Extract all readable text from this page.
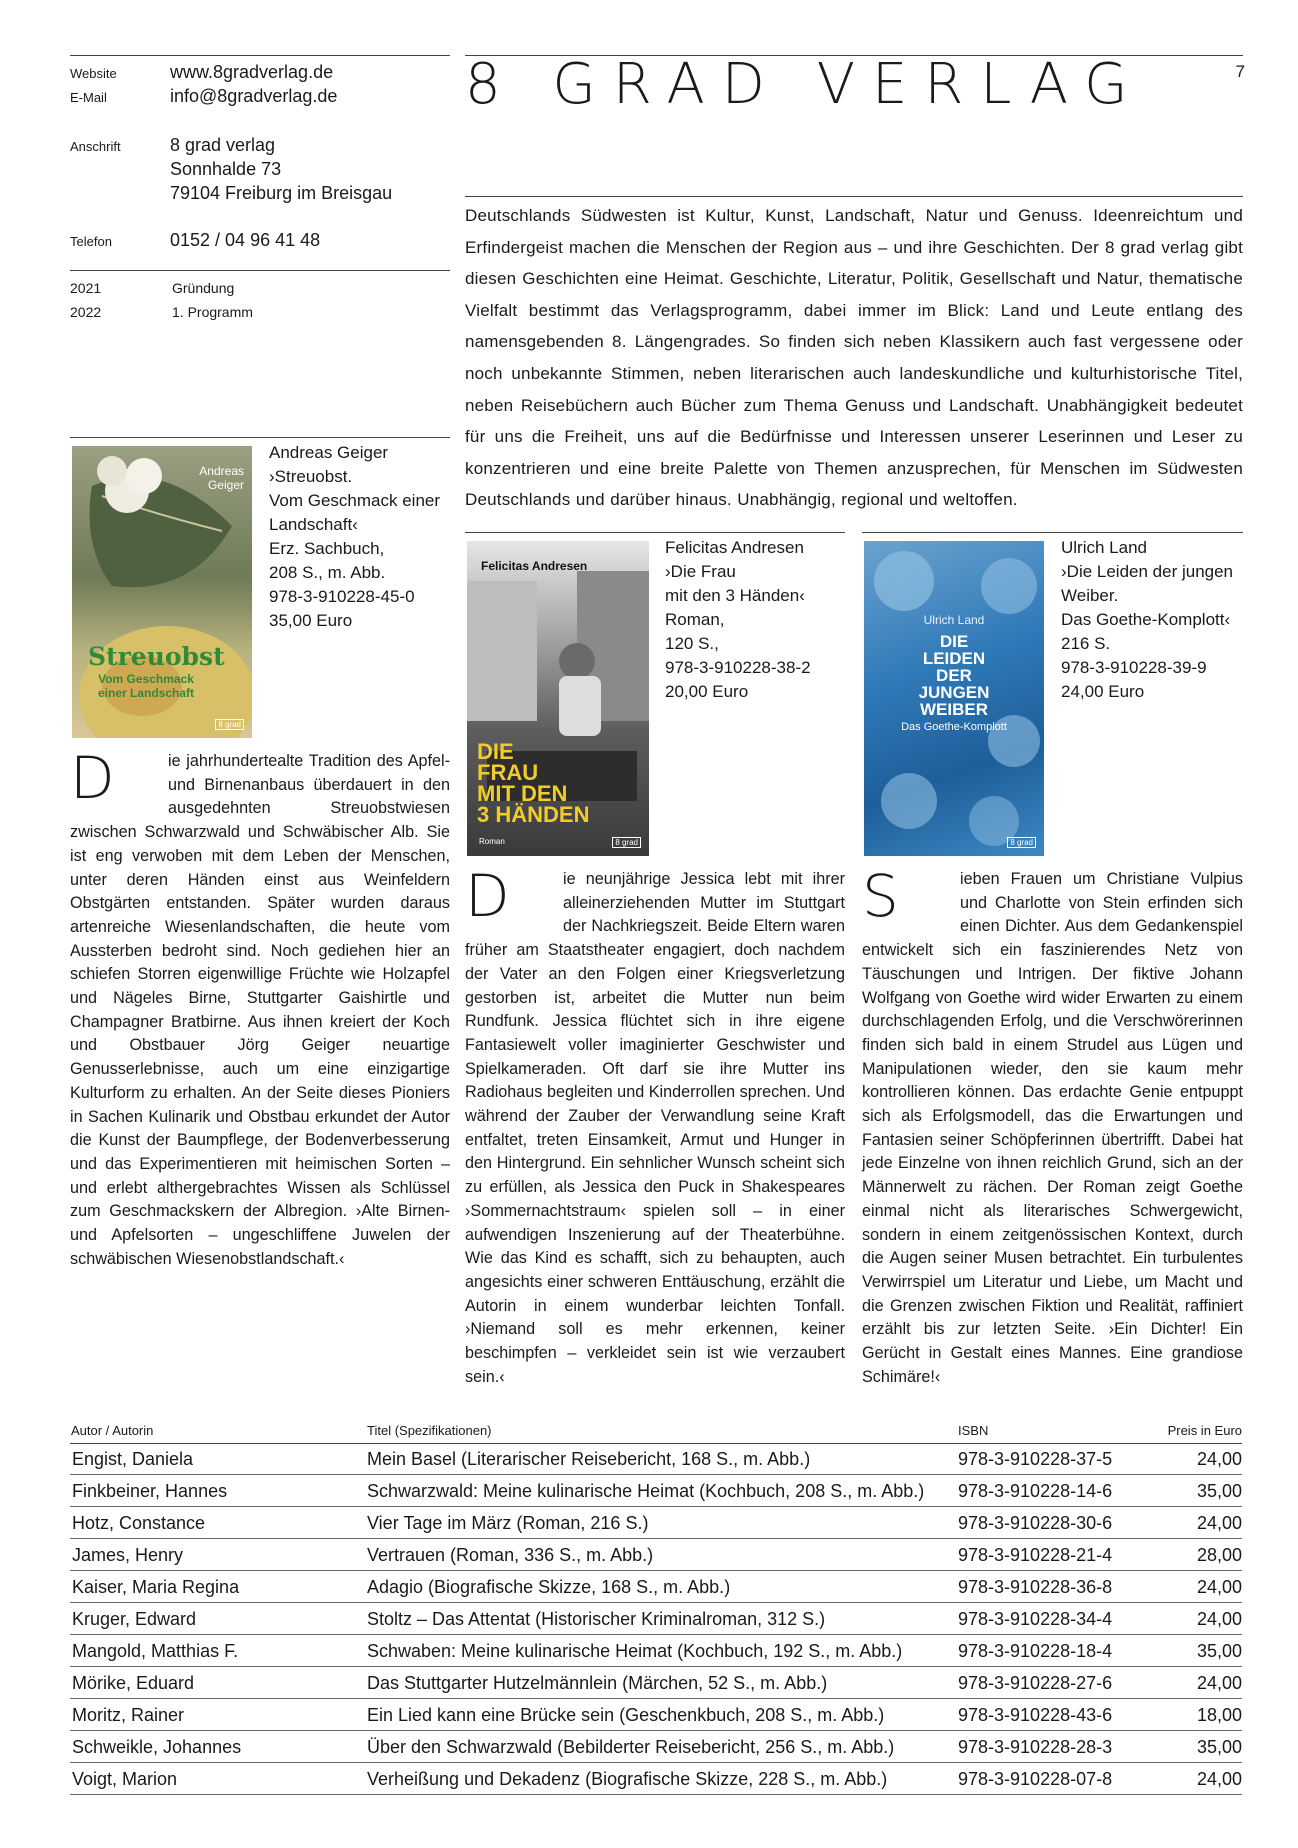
Website	www.8gradverlag.de
E-Mail	info@8gradverlag.de
Anschrift	8 grad verlag
Sonnhalde 73
79104 Freiburg im Breisgau
Telefon	0152 / 04 96 41 48
2021	Gründung
2022	1. Programm
8 GRAD VERLAG	7
Deutschlands Südwesten ist Kultur, Kunst, Landschaft, Natur und Genuss. Ideenreichtum und Erfindergeist machen die Menschen der Region aus – und ihre Geschichten. Der 8 grad verlag gibt diesen Geschichten eine Heimat. Geschichte, Literatur, Politik, Gesellschaft und Natur, thematische Vielfalt bestimmt das Verlagsprogramm, dabei immer im Blick: Land und Leute entlang des namensgebenden 8. Längengrades. So finden sich neben Klassikern auch fast vergessene oder noch unbekannte Stimmen, neben literarischen auch landeskundliche und kulturhistorische Titel, neben Reisebüchern auch Bücher zum Thema Genuss und Landschaft. Unabhängigkeit bedeutet für uns die Freiheit, uns auf die Bedürfnisse und Interessen unserer Leserinnen und Leser zu konzentrieren und eine breite Palette von Themen anzusprechen, für Menschen im Südwesten Deutschlands und darüber hinaus. Unabhängig, regional und weltoffen.
Andreas
Geiger
Streuobst
Vom Geschmack
einer Landschaft
8 grad
Andreas Geiger
›Streuobst.
Vom Geschmack einer
Landschaft‹
Erz. Sachbuch,
208 S., m. Abb.
978-3-910228-45-0
35,00 Euro
D	ie jahrhundertealte Tradition des Apfel- und Birnenanbaus überdauert in den ausgedehnten Streuobstwiesen zwischen Schwarzwald und Schwäbischer Alb. Sie ist eng verwoben mit dem Leben der Menschen, unter deren Händen einst aus Weinfeldern Obstgärten entstanden. Später wurden daraus artenreiche Wiesenlandschaften, die heute vom Aussterben bedroht sind. Noch gediehen hier an schiefen Storren eigenwillige Früchte wie Holzapfel und Nägeles Birne, Stuttgarter Gaishirtle und Champagner Bratbirne. Aus ihnen kreiert der Koch und Obstbauer Jörg Geiger neuartige Genusserlebnisse, auch um eine einzigartige Kulturform zu erhalten. An der Seite dieses Pioniers in Sachen Kulinarik und Obstbau erkundet der Autor die Kunst der Baumpflege, der Bodenverbesserung und das Experimentieren mit heimischen Sorten – und erlebt althergebrachtes Wissen als Schlüssel zum Geschmackskern der Albregion. ›Alte Birnen- und Apfelsorten – ungeschliffene Juwelen der schwäbischen Wiesenobstlandschaft.‹
Felicitas Andresen
DIE
FRAU
MIT DEN
3 HÄNDEN
Roman	8 grad
Felicitas Andresen
›Die Frau
mit den 3 Händen‹
Roman,
120 S.,
978-3-910228-38-2
20,00 Euro
D	ie neunjährige Jessica lebt mit ihrer alleinerziehenden Mutter im Stuttgart der Nachkriegszeit. Beide Eltern waren früher am Staatstheater engagiert, doch nachdem der Vater an den Folgen einer Kriegsverletzung gestorben ist, arbeitet die Mutter nun beim Rundfunk. Jessica flüchtet sich in ihre eigene Fantasiewelt voller imaginierter Geschwister und Spielkameraden. Oft darf sie ihre Mutter ins Radiohaus begleiten und Kinderrollen sprechen. Und während der Zauber der Verwandlung seine Kraft entfaltet, treten Einsamkeit, Armut und Hunger in den Hintergrund. Ein sehnlicher Wunsch scheint sich zu erfüllen, als Jessica den Puck in Shakespeares ›Sommernachtstraum‹ spielen soll – in einer aufwendigen Inszenierung auf der Theaterbühne. Wie das Kind es schafft, sich zu behaupten, auch angesichts einer schweren Enttäuschung, erzählt die Autorin in einem wunderbar leichten Tonfall. ›Niemand soll es mehr erkennen, keiner beschimpfen – verkleidet sein ist wie verzaubert sein.‹
Ulrich Land
DIE
LEIDEN
DER
JUNGEN
WEIBER
Das Goethe-Komplott
8 grad
Ulrich Land
›Die Leiden der jungen
Weiber.
Das Goethe-Komplott‹
216 S.
978-3-910228-39-9
24,00 Euro
S	ieben Frauen um Christiane Vulpius und Charlotte von Stein erfinden sich einen Dichter. Aus dem Gedankenspiel entwickelt sich ein faszinierendes Netz von Täuschungen und Intrigen. Der fiktive Johann Wolfgang von Goethe wird wider Erwarten zu einem durchschlagenden Erfolg, und die Verschwörerinnen finden sich bald in einem Strudel aus Lügen und Manipulationen wieder, den sie kaum mehr kontrollieren können. Das erdachte Genie entpuppt sich als Erfolgsmodell, das die Erwartungen und Fantasien seiner Schöpferinnen übertrifft. Dabei hat jede Einzelne von ihnen reichlich Grund, sich an der Männerwelt zu rächen. Der Roman zeigt Goethe einmal nicht als literarisches Schwergewicht, sondern in einem zeitgenössischen Kontext, durch die Augen seiner Musen betrachtet. Ein turbulentes Verwirrspiel um Literatur und Liebe, um Macht und die Grenzen zwischen Fiktion und Realität, raffiniert erzählt bis zur letzten Seite. ›Ein Dichter! Ein Gerücht in Gestalt eines Mannes. Eine grandiose Schimäre!‹
Autor / Autorin	Titel (Spezifikationen)	ISBN	Preis in Euro
Engist, Daniela	Mein Basel (Literarischer Reisebericht, 168 S., m. Abb.)	978-3-910228-37-5	24,00
Finkbeiner, Hannes	Schwarzwald: Meine kulinarische Heimat (Kochbuch, 208 S., m. Abb.) 978-3-910228-14-6	35,00
Hotz, Constance	Vier Tage im März (Roman, 216 S.)	978-3-910228-30-6	24,00
James, Henry	Vertrauen (Roman, 336 S., m. Abb.)	978-3-910228-21-4	28,00
Kaiser, Maria Regina	Adagio (Biografische Skizze, 168 S., m. Abb.)	978-3-910228-36-8	24,00
Kruger, Edward	Stoltz – Das Attentat (Historischer Kriminalroman, 312 S.)	978-3-910228-34-4	24,00
Mangold, Matthias F.	Schwaben: Meine kulinarische Heimat (Kochbuch, 192 S., m. Abb.)	978-3-910228-18-4	35,00
Mörike, Eduard	Das Stuttgarter Hutzelmännlein (Märchen, 52 S., m. Abb.)	978-3-910228-27-6	24,00
Moritz, Rainer	Ein Lied kann eine Brücke sein (Geschenkbuch, 208 S., m. Abb.)	978-3-910228-43-6	18,00
Schweikle, Johannes	Über den Schwarzwald (Bebilderter Reisebericht, 256 S., m. Abb.)	978-3-910228-28-3	35,00
Voigt, Marion	Verheißung und Dekadenz (Biografische Skizze, 228 S., m. Abb.)	978-3-910228-07-8	24,00
